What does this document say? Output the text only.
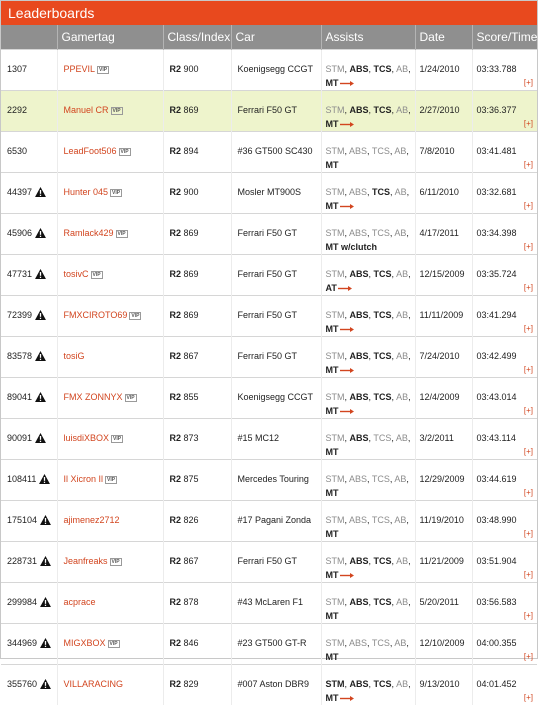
Leaderboards
	Gamertag	Class/Index	Car	Assists	Date	Score/Time

1307	PPEVIL VIP	R2 900	Koenigsegg CCGT	STM, ABS, TCS, AB,
MT	1/24/2010	03:33.788
[+]

2292	Manuel CR VIP	R2 869	Ferrari F50 GT	STM, ABS, TCS, AB,
MT	2/27/2010	03:36.377
[+]

6530	LeadFoot506 VIP	R2 894	#36 GT500 SC430	STM, ABS, TCS, AB,
MT	7/8/2010	03:41.481
[+]

44397	Hunter 045 VIP	R2 900	Mosler MT900S	STM, ABS, TCS, AB,
MT	6/11/2010	03:32.681
[+]

45906	Ramlack429 VIP	R2 869	Ferrari F50 GT	STM, ABS, TCS, AB,
MT w/clutch	4/17/2011	03:34.398
[+]

47731	tosivC VIP	R2 869	Ferrari F50 GT	STM, ABS, TCS, AB,
AT	12/15/2009	03:35.724
[+]

72399	FMXCIROTO69 VIP	R2 869	Ferrari F50 GT	STM, ABS, TCS, AB,
MT	11/11/2009	03:41.294
[+]

83578	tosiG	R2 867	Ferrari F50 GT	STM, ABS, TCS, AB,
MT	7/24/2010	03:42.499
[+]

89041	FMX ZONNYX VIP	R2 855	Koenigsegg CCGT	STM, ABS, TCS, AB,
MT	12/4/2009	03:43.014
[+]

90091	luisdiXBOX VIP	R2 873	#15 MC12	STM, ABS, TCS, AB,
MT	3/2/2011	03:43.114
[+]

108411	Il Xicron Il VIP	R2 875	Mercedes Touring	STM, ABS, TCS, AB,
MT	12/29/2009	03:44.619
[+]

175104	ajimenez2712	R2 826	#17 Pagani Zonda	STM, ABS, TCS, AB,
MT	11/19/2010	03:48.990
[+]

228731	Jeanfreaks VIP	R2 867	Ferrari F50 GT	STM, ABS, TCS, AB,
MT	11/21/2009	03:51.904
[+]

299984	acprace	R2 878	#43 McLaren F1	STM, ABS, TCS, AB,
MT	5/20/2011	03:56.583
[+]

344969	MIGXBOX VIP	R2 846	#23 GT500 GT-R	STM, ABS, TCS, AB,
MT	12/10/2009	04:00.355
[+]

355760	VILLARACING	R2 829	#007 Aston DBR9	STM, ABS, TCS, AB,
MT	9/13/2010	04:01.452
[+]
